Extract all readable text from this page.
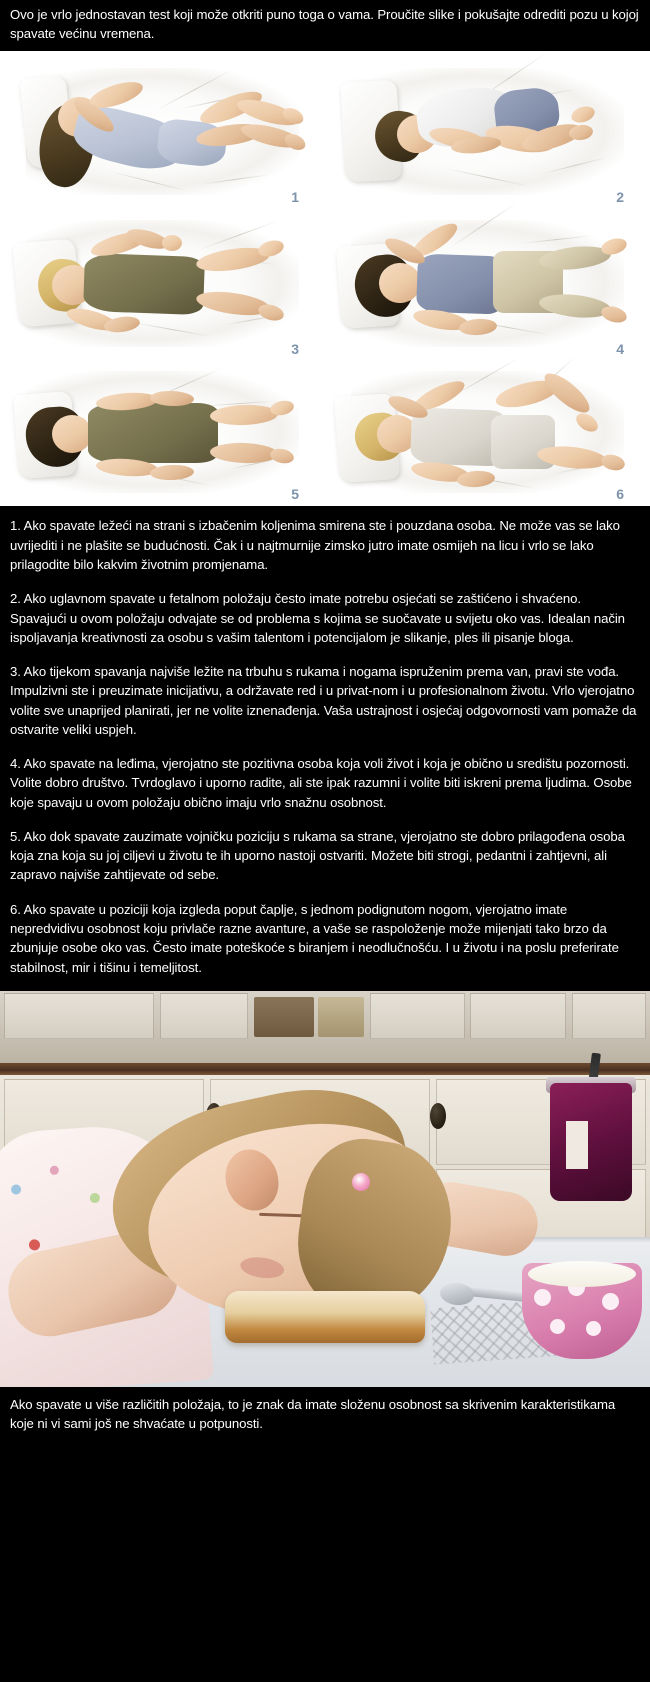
Ovo je vrlo jednostavan test koji može otkriti puno toga o vama. Proučite slike i pokušajte odrediti pozu u kojoj spavate većinu vremena.
1	2
3	4
5	6

1. Ako spavate ležeći na strani s izbačenim koljenima smirena ste i pouzdana osoba. Ne može vas se lako uvrijediti i ne plašite se budućnosti. Čak i u najtmurnije zimsko jutro imate osmijeh na licu i vrlo se lako prilagodite bilo kakvim životnim promjenama.

2. Ako uglavnom spavate u fetalnom položaju često imate potrebu osjećati se zaštićeno i shvaćeno. Spavajući u ovom položaju odvajate se od problema s kojima se suočavate u svijetu oko vas. Idealan način ispoljavanja kreativnosti za osobu s vašim talentom i potencijalom je slikanje, ples ili pisanje bloga.

3. Ako tijekom spavanja najviše ležite na trbuhu s rukama i nogama ispruženim prema van, pravi ste vođa. Impulzivni ste i preuzimate inicijativu, a održavate red i u privat-nom i u profesionalnom životu. Vrlo vjerojatno volite sve unaprijed planirati, jer ne volite iznenađenja. Vaša ustrajnost i osjećaj odgovornosti vam pomaže da ostvarite veliki uspjeh.

4. Ako spavate na leđima, vjerojatno ste pozitivna osoba koja voli život i koja je obično u središtu pozornosti. Volite dobro društvo. Tvrdoglavo i uporno radite, ali ste ipak razumni i volite biti iskreni prema ljudima. Osobe koje spavaju u ovom položaju obično imaju vrlo snažnu osobnost.

5. Ako dok spavate zauzimate vojničku poziciju s rukama sa strane, vjerojatno ste dobro prilagođena osoba koja zna koja su joj ciljevi u životu te ih uporno nastoji ostvariti. Možete biti strogi, pedantni i zahtjevni, ali zapravo najviše zahtijevate od sebe.

6. Ako spavate u poziciji koja izgleda poput čaplje, s jednom podignutom nogom, vjerojatno imate nepredvidivu osobnost koju privlače razne avanture, a vaše se raspoloženje može mijenjati tako brzo da zbunjuje osobe oko vas. Često imate poteškoće s biranjem i neodlučnošću. I u životu i na poslu preferirate stabilnost, mir i tišinu i temeljitost.

Ako spavate u više različitih položaja, to je znak da imate složenu osobnost sa skrivenim karakteristikama koje ni vi sami još ne shvaćate u potpunosti.
